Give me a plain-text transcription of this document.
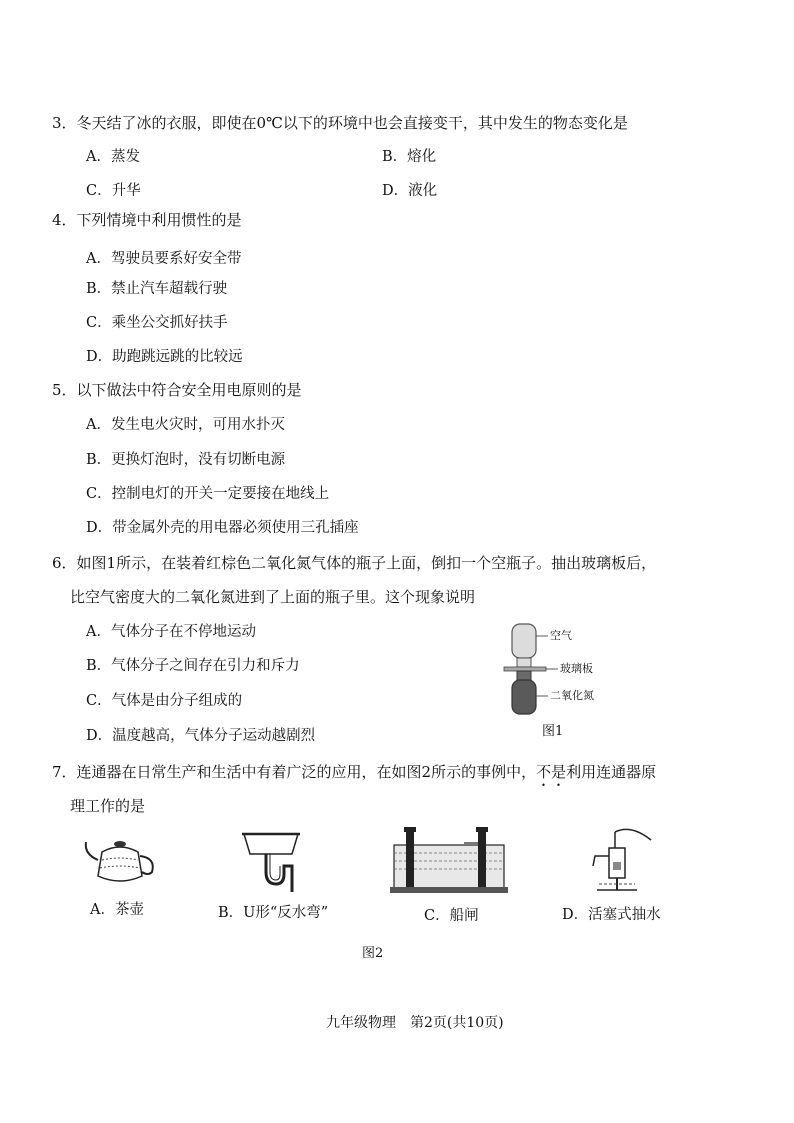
3．冬天结了冰的衣服，即使在0℃以下的环境中也会直接变干，其中发生的物态变化是
A．蒸发	B．熔化
C．升华	D．液化
4．下列情境中利用惯性的是
A．驾驶员要系好安全带
B．禁止汽车超载行驶
C．乘坐公交抓好扶手
D．助跑跳远跳的比较远
5．以下做法中符合安全用电原则的是
A．发生电火灾时，可用水扑灭
B．更换灯泡时，没有切断电源
C．控制电灯的开关一定要接在地线上
D．带金属外壳的用电器必须使用三孔插座
6．如图1所示，在装着红棕色二氧化氮气体的瓶子上面，倒扣一个空瓶子。抽出玻璃板后，
比空气密度大的二氧化氮进到了上面的瓶子里。这个现象说明
A．气体分子在不停地运动
B．气体分子之间存在引力和斥力
C．气体是由分子组成的
D．温度越高，气体分子运动越剧烈
空气
玻璃板
二氧化氮
图1
7．连通器在日常生产和生活中有着广泛的应用，在如图2所示的事例中，不是利用连通器原
理工作的是
A．茶壶	B．U形“反水弯”	C．船闸	D．活塞式抽水
图2
九年级物理　第2页(共10页)
